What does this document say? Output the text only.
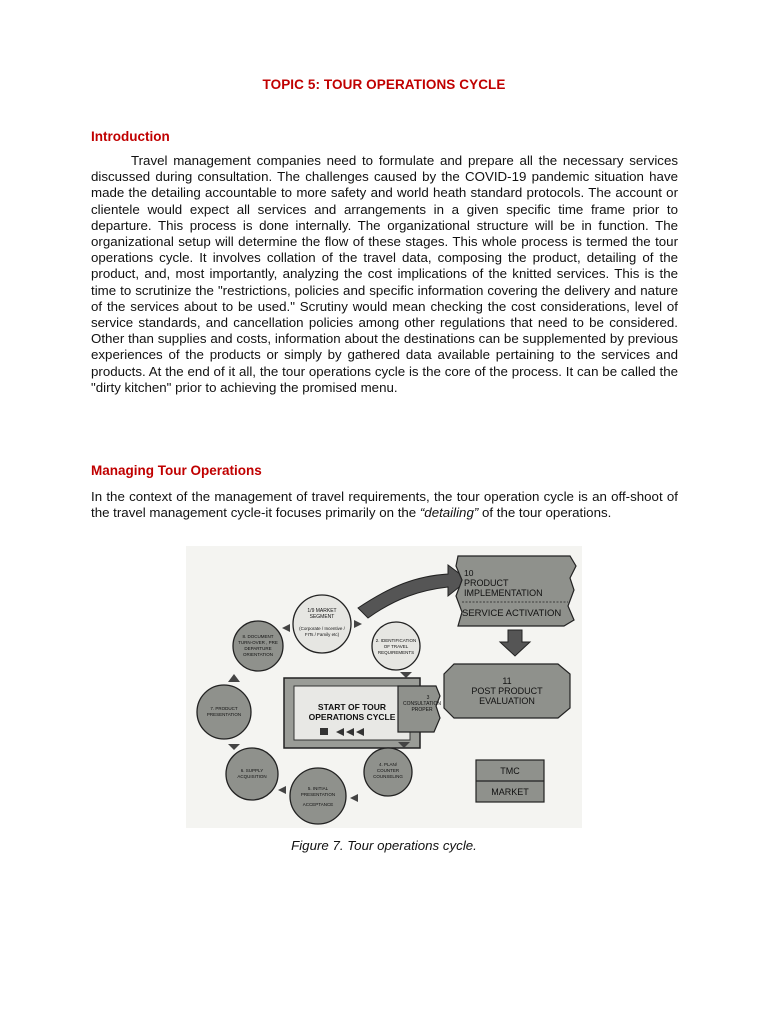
TOPIC 5: TOUR OPERATIONS CYCLE
Introduction

Travel management companies need to formulate and prepare all the necessary services discussed during consultation. The challenges caused by the COVID-19 pandemic situation have made the detailing accountable to more safety and world heath standard protocols. The account or clientele would expect all services and arrangements in a given specific time frame prior to departure. This process is done internally. The organizational structure will be in function. The organizational setup will determine the flow of these stages. This whole process is termed the tour operations cycle. It involves collation of the travel data, composing the product, detailing of the product, and, most importantly, analyzing the cost implications of the knitted services. This is the time to scrutinize the "restrictions, policies and specific information covering the delivery and nature of the services about to be used." Scrutiny would mean checking the cost considerations, level of service standards, and cancellation policies among other regulations that need to be considered. Other than supplies and costs, information about the destinations can be supplemented by previous experiences of the products or simply by gathered data available pertaining to the services and products. At the end of it all, the tour operations cycle is the core of the process. It can be called the "dirty kitchen" prior to achieving the promised menu.

Managing Tour Operations

In the context of the management of travel requirements, the tour operation cycle is an off-shoot of the travel management cycle-it focuses primarily on the “detailing” of the tour operations.

10
PRODUCT
IMPLEMENTATION
SERVICE ACTIVATION
11
POST PRODUCT
EVALUATION
TMC
MARKET
START OF TOUR
OPERATIONS CYCLE
3
CONSULTATION
PROPER
1/9 MARKET
SEGMENT
(Corporate / Incentive /
FITs / Family etc)
2. IDENTIFICATION
OF TRAVEL
REQUIREMENTS
8. DOCUMENT
TURN-OVER , PRE
DEPARTURE
ORIENTATION
7. PRODUCT
PRESENTATION
6. SUPPLY
ACQUISITION
5. INITIAL
PRESENTATION
ACCEPTANCE
4. PLAN/
COUNTER
COUNSELING
Figure 7. Tour operations cycle.
